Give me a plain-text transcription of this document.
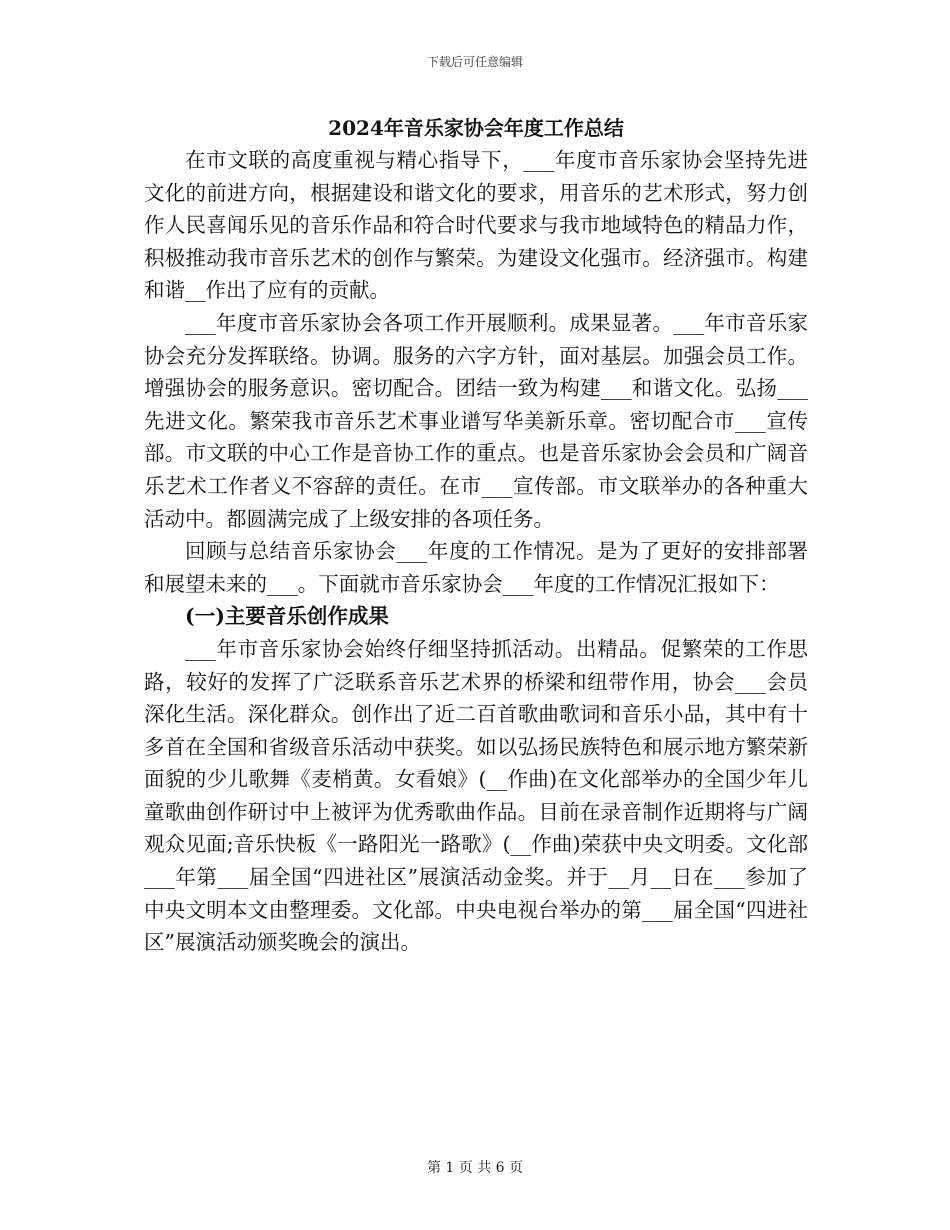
下载后可任意编辑
2024年音乐家协会年度工作总结

在市文联的高度重视与精心指导下，___年度市音乐家协会坚持先进文化的前进方向，根据建设和谐文化的要求，用音乐的艺术形式，努力创作人民喜闻乐见的音乐作品和符合时代要求与我市地域特色的精品力作，积极推动我市音乐艺术的创作与繁荣。为建设文化强市。经济强市。构建和谐__作出了应有的贡献。

___年度市音乐家协会各项工作开展顺利。成果显著。___年市音乐家协会充分发挥联络。协调。服务的六字方针，面对基层。加强会员工作。增强协会的服务意识。密切配合。团结一致为构建___和谐文化。弘扬___先进文化。繁荣我市音乐艺术事业谱写华美新乐章。密切配合市___宣传部。市文联的中心工作是音协工作的重点。也是音乐家协会会员和广阔音乐艺术工作者义不容辞的责任。在市___宣传部。市文联举办的各种重大活动中。都圆满完成了上级安排的各项任务。

回顾与总结音乐家协会___年度的工作情况。是为了更好的安排部署和展望未来的___。下面就市音乐家协会___年度的工作情况汇报如下：

(一)主要音乐创作成果

___年市音乐家协会始终仔细坚持抓活动。出精品。促繁荣的工作思路，较好的发挥了广泛联系音乐艺术界的桥梁和纽带作用，协会___会员深化生活。深化群众。创作出了近二百首歌曲歌词和音乐小品，其中有十多首在全国和省级音乐活动中获奖。如以弘扬民族特色和展示地方繁荣新面貌的少儿歌舞《麦梢黄。女看娘》(__作曲)在文化部举办的全国少年儿童歌曲创作研讨中上被评为优秀歌曲作品。目前在录音制作近期将与广阔观众见面;音乐快板《一路阳光一路歌》(__作曲)荣获中央文明委。文化部___年第___届全国“四进社区”展演活动金奖。并于__月__日在___参加了中央文明本文由整理委。文化部。中央电视台举办的第___届全国“四进社区”展演活动颁奖晚会的演出。

第 1 页 共 6 页
